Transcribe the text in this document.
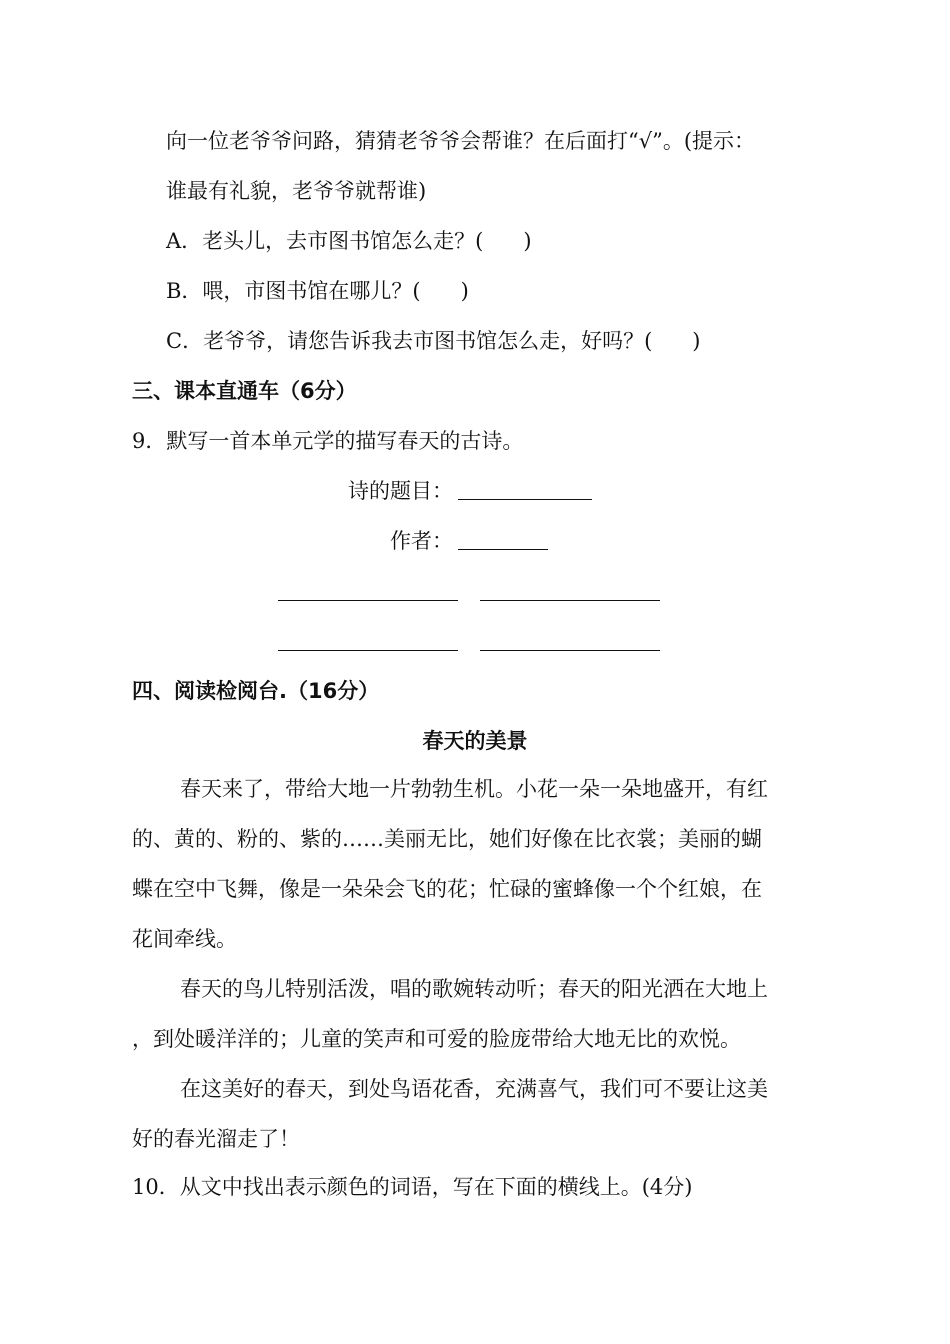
向一位老爷爷问路，猜猜老爷爷会帮谁？在后面打“√”。(提示：
谁最有礼貌，老爷爷就帮谁)
A．老头儿，去市图书馆怎么走？( )
B．喂，市图书馆在哪儿？( )
C．老爷爷，请您告诉我去市图书馆怎么走，好吗？( )
三、课本直通车（6分）
9．默写一首本单元学的描写春天的古诗。
诗的题目：
作者：
四、阅读检阅台.（16分）
春天的美景
春天来了，带给大地一片勃勃生机。小花一朵一朵地盛开，有红
的、黄的、粉的、紫的……美丽无比，她们好像在比衣裳；美丽的蝴
蝶在空中飞舞，像是一朵朵会飞的花；忙碌的蜜蜂像一个个红娘，在
花间牵线。
春天的鸟儿特别活泼，唱的歌婉转动听；春天的阳光洒在大地上
，到处暖洋洋的；儿童的笑声和可爱的脸庞带给大地无比的欢悦。
在这美好的春天，到处鸟语花香，充满喜气，我们可不要让这美
好的春光溜走了！
10．从文中找出表示颜色的词语，写在下面的横线上。(4分)
